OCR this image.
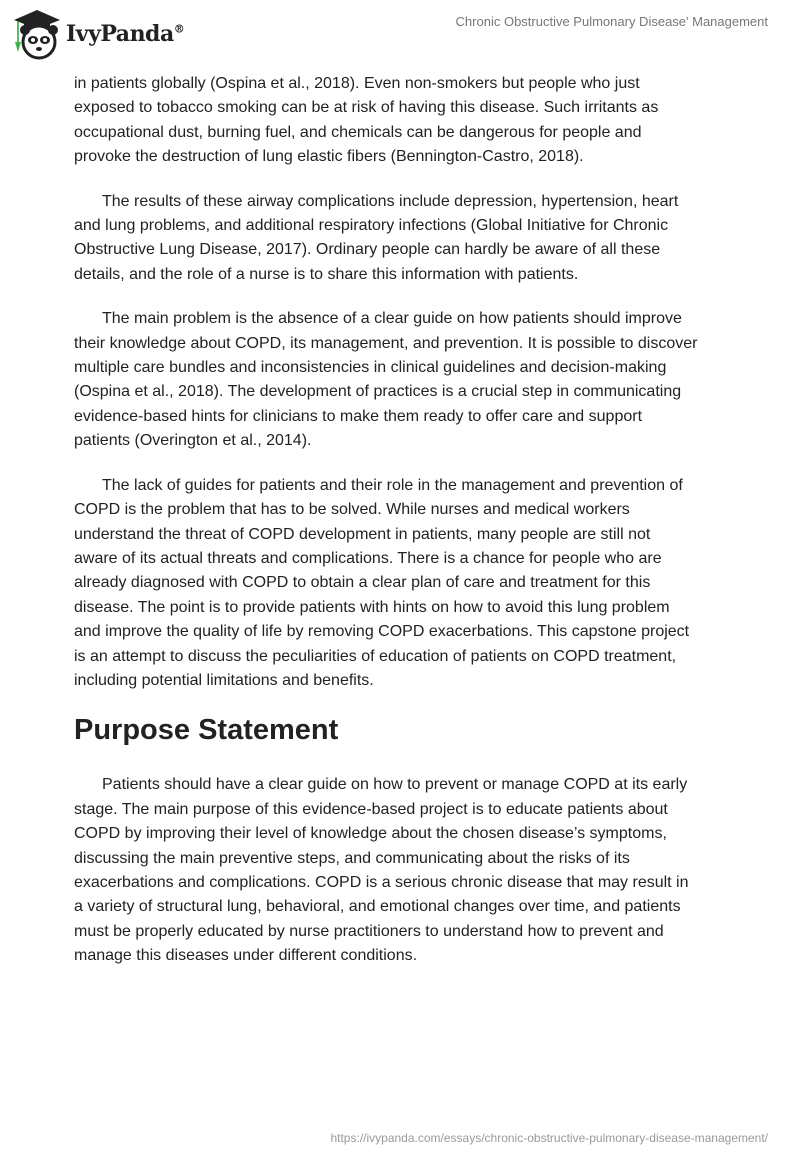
IvyPanda®
Chronic Obstructive Pulmonary Disease' Management

in patients globally (Ospina et al., 2018). Even non-smokers but people who just
exposed to tobacco smoking can be at risk of having this disease. Such irritants as
occupational dust, burning fuel, and chemicals can be dangerous for people and
provoke the destruction of lung elastic fibers (Bennington-Castro, 2018).

The results of these airway complications include depression, hypertension, heart
and lung problems, and additional respiratory infections (Global Initiative for Chronic
Obstructive Lung Disease, 2017). Ordinary people can hardly be aware of all these
details, and the role of a nurse is to share this information with patients.

The main problem is the absence of a clear guide on how patients should improve
their knowledge about COPD, its management, and prevention. It is possible to discover
multiple care bundles and inconsistencies in clinical guidelines and decision-making
(Ospina et al., 2018). The development of practices is a crucial step in communicating
evidence-based hints for clinicians to make them ready to offer care and support
patients (Overington et al., 2014).

The lack of guides for patients and their role in the management and prevention of
COPD is the problem that has to be solved. While nurses and medical workers
understand the threat of COPD development in patients, many people are still not
aware of its actual threats and complications. There is a chance for people who are
already diagnosed with COPD to obtain a clear plan of care and treatment for this
disease. The point is to provide patients with hints on how to avoid this lung problem
and improve the quality of life by removing COPD exacerbations. This capstone project
is an attempt to discuss the peculiarities of education of patients on COPD treatment,
including potential limitations and benefits.

Purpose Statement

Patients should have a clear guide on how to prevent or manage COPD at its early
stage. The main purpose of this evidence-based project is to educate patients about
COPD by improving their level of knowledge about the chosen disease’s symptoms,
discussing the main preventive steps, and communicating about the risks of its
exacerbations and complications. COPD is a serious chronic disease that may result in
a variety of structural lung, behavioral, and emotional changes over time, and patients
must be properly educated by nurse practitioners to understand how to prevent and
manage this diseases under different conditions.

https://ivypanda.com/essays/chronic-obstructive-pulmonary-disease-management/
